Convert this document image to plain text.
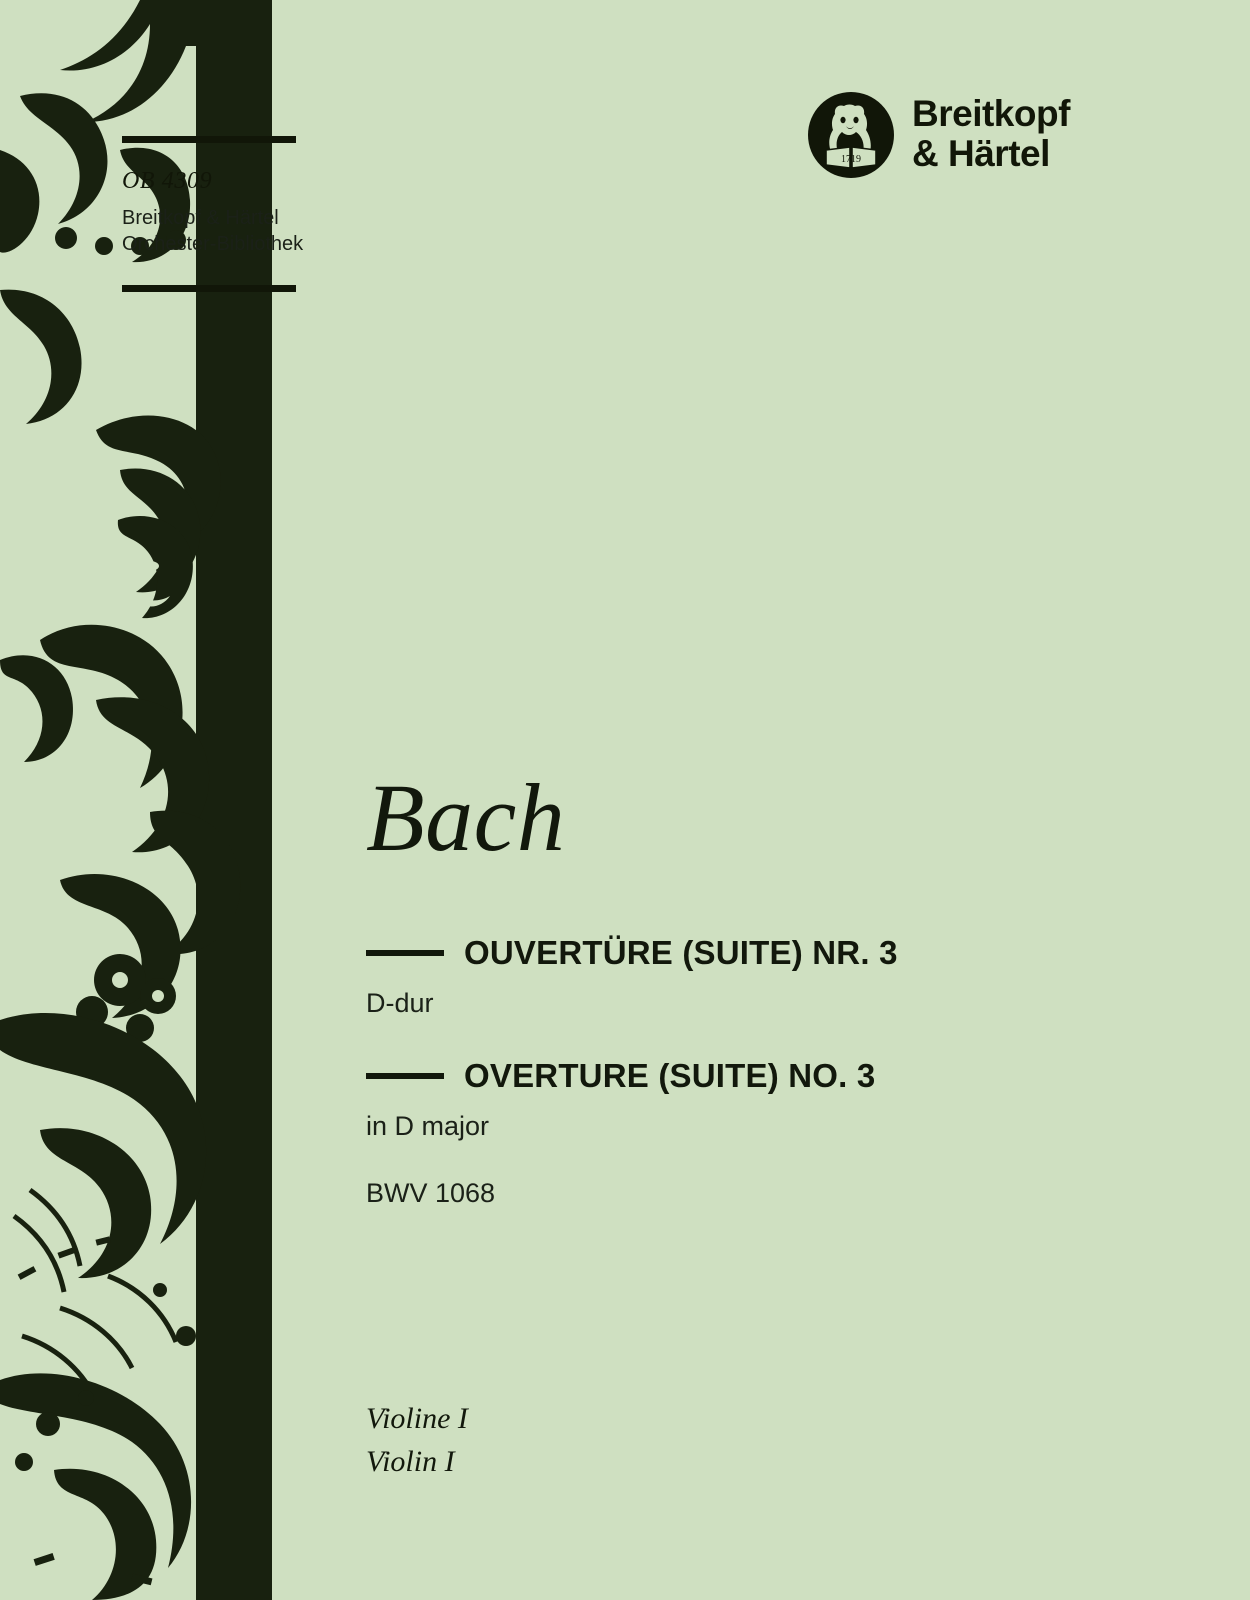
1719
Breitkopf
& Härtel
OB 4309
Breitkopf & Härtel
Orchester-Bibliothek
Bach
OUVERTÜRE (SUITE) NR. 3
D-dur
OVERTURE (SUITE) NO. 3
in D major
BWV 1068
Violine I
Violin I
